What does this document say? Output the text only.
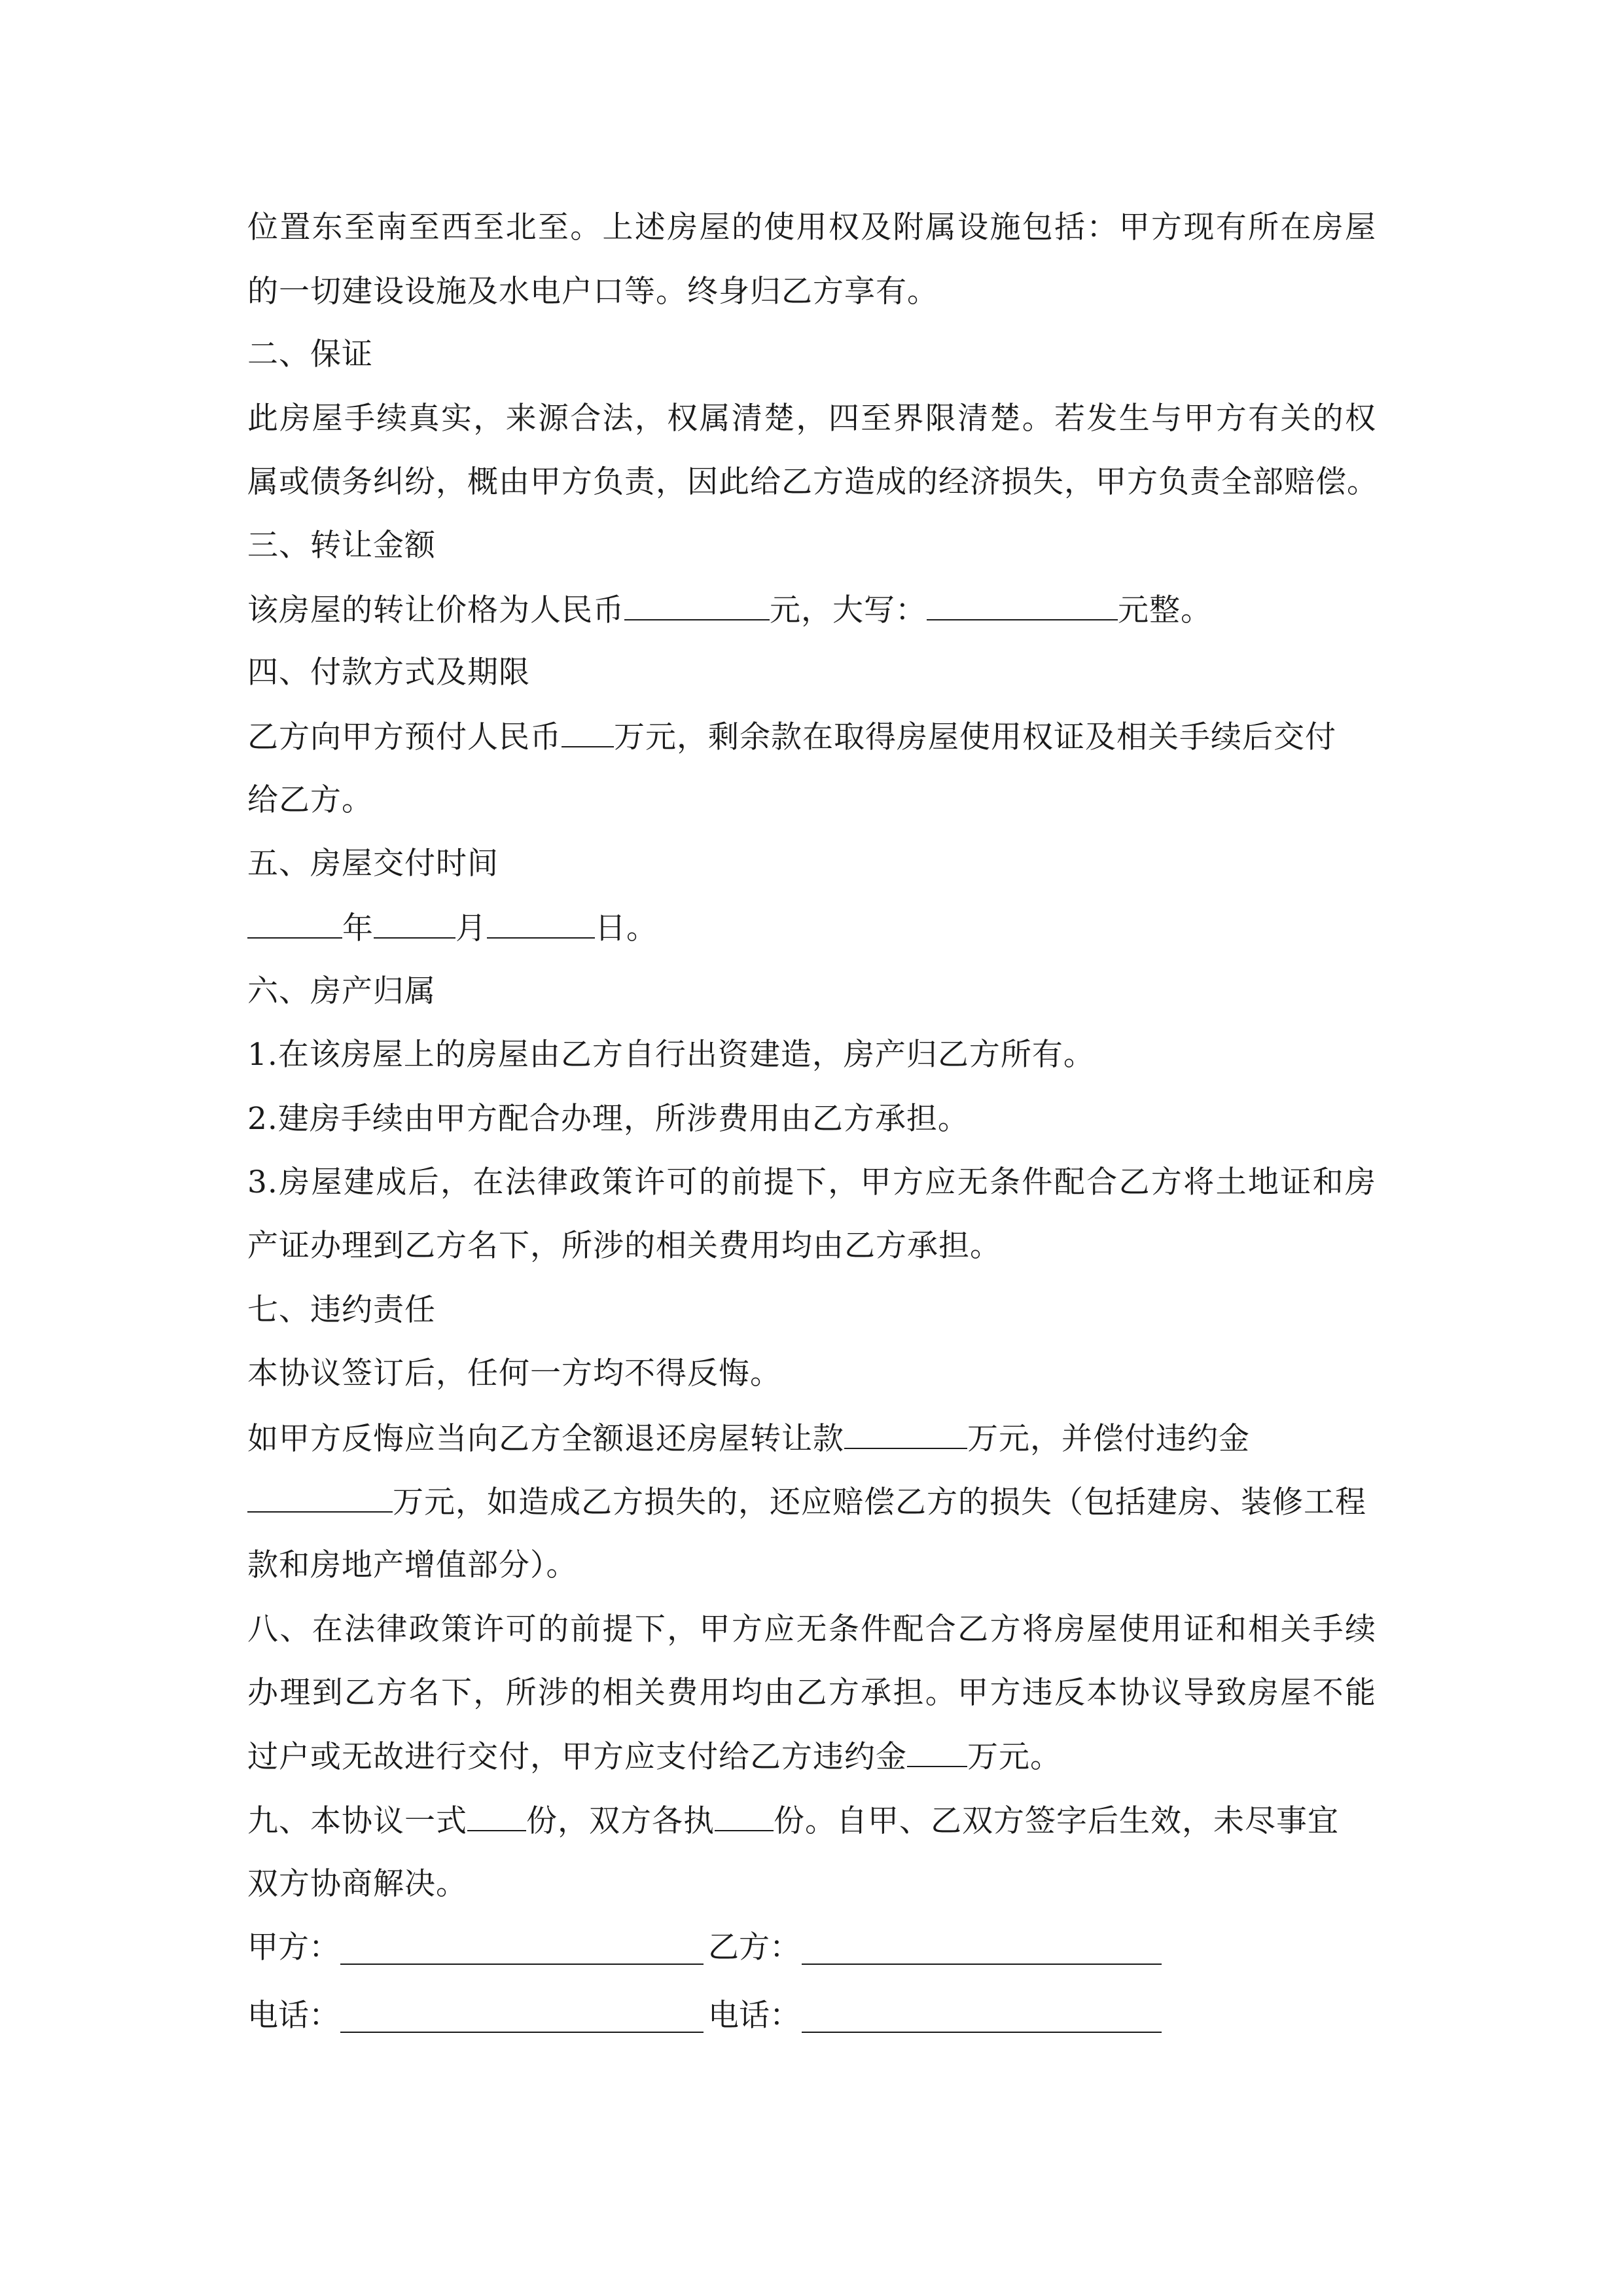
位置东至南至西至北至。上述房屋的使用权及附属设施包括：甲方现有所在房屋
的一切建设设施及水电户口等。终身归乙方享有。
二、保证
此房屋手续真实，来源合法，权属清楚，四至界限清楚。若发生与甲方有关的权
属或债务纠纷，概由甲方负责，因此给乙方造成的经济损失，甲方负责全部赔偿。
三、转让金额
该房屋的转让价格为人民币	元，大写：	元整。
四、付款方式及期限
乙方向甲方预付人民币 万元，剩余款在取得房屋使用权证及相关手续后交付
给乙方。
五、房屋交付时间
年	月	日。
六、房产归属
1.在该房屋上的房屋由乙方自行出资建造，房产归乙方所有。
2.建房手续由甲方配合办理，所涉费用由乙方承担。
3.房屋建成后，在法律政策许可的前提下，甲方应无条件配合乙方将土地证和房
产证办理到乙方名下，所涉的相关费用均由乙方承担。
七、违约责任
本协议签订后，任何一方均不得反悔。
如甲方反悔应当向乙方全额退还房屋转让款	万元，并偿付违约金
万元，如造成乙方损失的，还应赔偿乙方的损失（包括建房、装修工程
款和房地产增值部分）。
八、在法律政策许可的前提下，甲方应无条件配合乙方将房屋使用证和相关手续
办理到乙方名下，所涉的相关费用均由乙方承担。甲方违反本协议导致房屋不能
过户或无故进行交付，甲方应支付给乙方违约金 万元。
九、本协议一式 份，双方各执 份。自甲、乙双方签字后生效，未尽事宜
双方协商解决。
甲方：	乙方：
电话：	电话：
